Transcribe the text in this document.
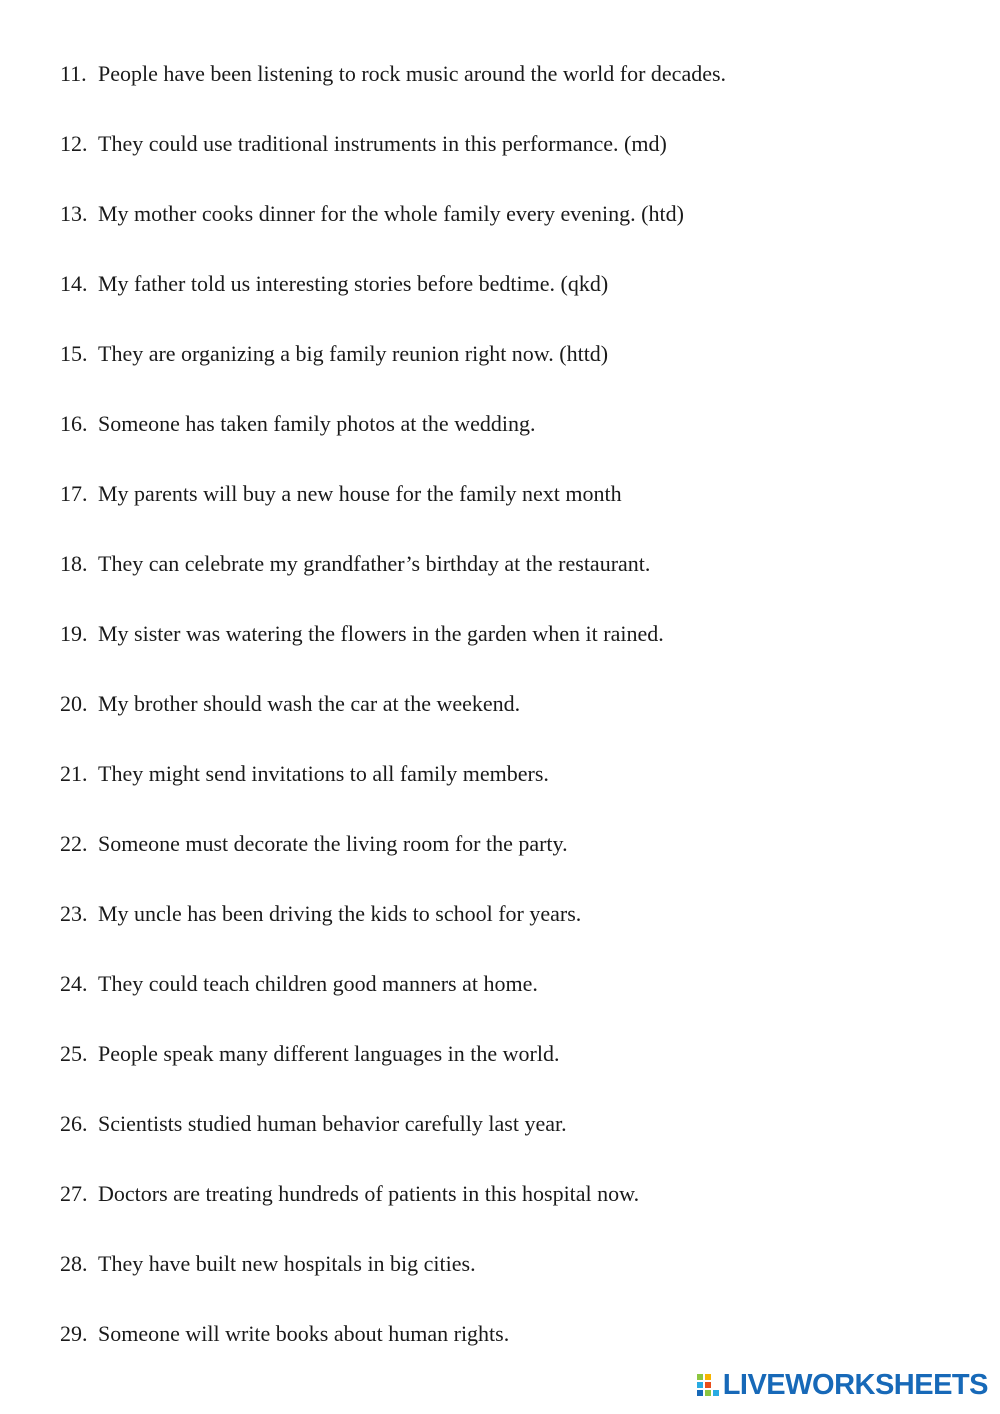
11. People have been listening to rock music around the world for decades.
12. They could use traditional instruments in this performance. (md)
13. My mother cooks dinner for the whole family every evening. (htd)
14. My father told us interesting stories before bedtime. (qkd)
15. They are organizing a big family reunion right now. (httd)
16. Someone has taken family photos at the wedding.
17. My parents will buy a new house for the family next month
18. They can celebrate my grandfather’s birthday at the restaurant.
19. My sister was watering the flowers in the garden when it rained.
20. My brother should wash the car at the weekend.
21. They might send invitations to all family members.
22. Someone must decorate the living room for the party.
23. My uncle has been driving the kids to school for years.
24. They could teach children good manners at home.
25. People speak many different languages in the world.
26. Scientists studied human behavior carefully last year.
27. Doctors are treating hundreds of patients in this hospital now.
28. They have built new hospitals in big cities.
29. Someone will write books about human rights.
LIVEWORKSHEETS
